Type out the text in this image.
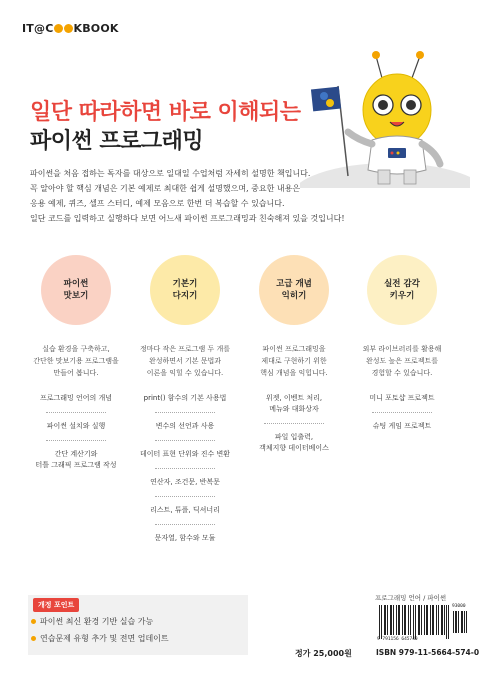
IT@C KBOOK
일단 따라하면 바로 이해되는
파이썬 프로그래밍

파이썬을 처음 접하는 독자를 대상으로 일대일 수업처럼 자세히 설명한 책입니다.

꼭 알아야 할 핵심 개념은 기본 예제로 최대한 쉽게 설명했으며, 중요한 내용은

응용 예제, 퀴즈, 셀프 스터디, 예제 모음으로 한번 더 복습할 수 있습니다.

일단 코드를 입력하고 실행하다 보면 어느새 파이썬 프로그래밍과 친숙해져 있을 것입니다!

파이썬
맛보기
실습 환경을 구축하고,
간단한 맛보기용 프로그램을
만들어 봅니다.
프로그래밍 언어의 개념
파이썬 설치와 실행
간단 계산기와
터틀 그래픽 프로그램 작성
기본기
다지기
정마다 작은 프로그램 두 개를
완성하면서 기본 문법과
이론을 익힐 수 있습니다.
print() 함수의 기본 사용법
변수의 선언과 사용
데이터 표현 단위와 진수 변환
연산자, 조건문, 반복문
리스트, 튜플, 딕셔너리
문자열, 함수와 모듈
고급 개념
익히기
파이썬 프로그래밍을
제대로 구현하기 위한
핵심 개념을 익힙니다.
위젯, 이벤트 처리,
메뉴와 대화상자
파일 입출력,
객체지향 데이터베이스
실전 감각
키우기
외부 라이브러리를 활용해
완성도 높은 프로젝트를
경험할 수 있습니다.
미니 포토샵 프로젝트
슈팅 게임 프로젝트
개정 포인트
파이썬 최신 환경 기반 실습 가능
연습문제 유형 추가 및 전면 업데이트
프로그래밍 언어 / 파이썬
9 791156 645740
93000
정가 25,000원	ISBN 979-11-5664-574-0
